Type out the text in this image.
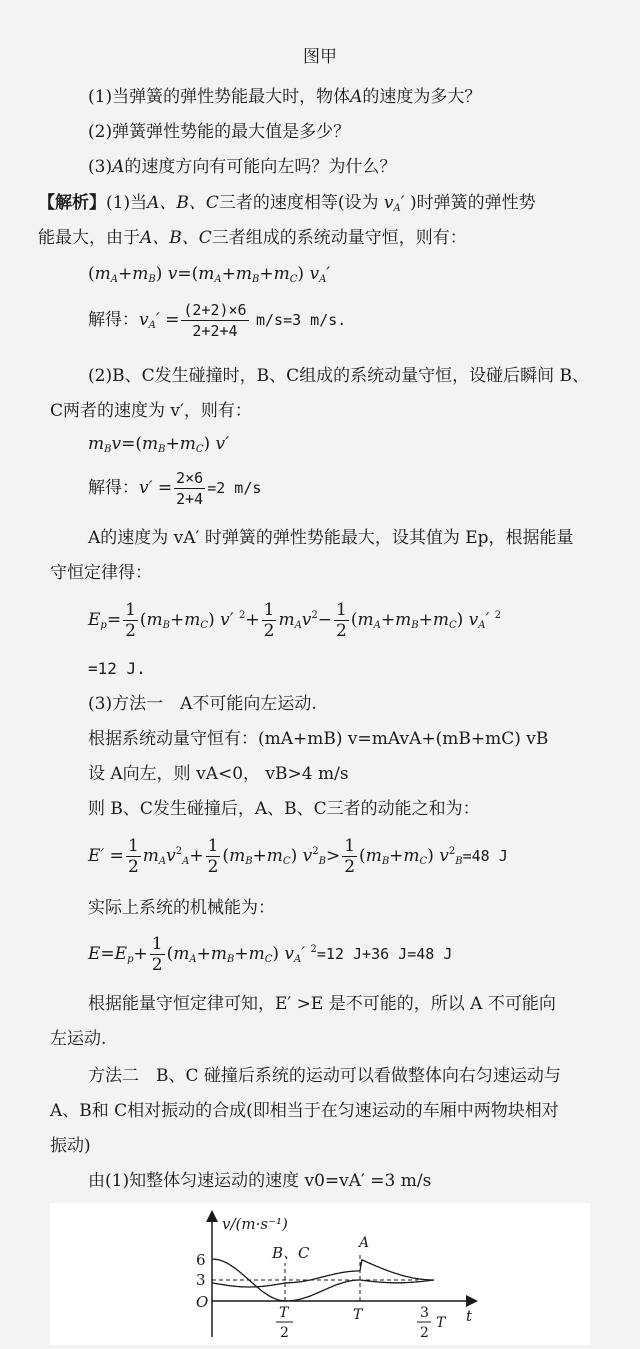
图甲
(1)当弹簧的弹性势能最大时，物体A的速度为多大？
(2)弹簧弹性势能的最大值是多少？
(3)A的速度方向有可能向左吗？为什么？
【解析】(1)当A、B、C三者的速度相等(设为 $v_A'$ )时弹簧的弹性势
能最大，由于A、B、C三者组成的系统动量守恒，则有：
$(m_A+m_B)$ $v=(m_A+m_B+m_C)$ $v_A'$
解得：$v_A' = \frac{(2+2)\times 6}{2+2+4} m/s=3$ m/s.
(2)B、C发生碰撞时，B、C组成的系统动量守恒，设碰后瞬间 B、
C两者的速度为 v′，则有：
$m_Bv=(m_B+m_C)$ v′
解得：$v' = \frac{2\times 6}{2+4} =2$ m/s
A的速度为 vA′ 时弹簧的弹性势能最大，设其值为 Ep，根据能量
守恒定律得：
$E_p= \frac{1}{2} (m_B+m_C)$ v′ $^2+ \frac{1}{2} m_Av^2- \frac{1}{2} (m_A+m_B+m_C)$ $v_A'$ $^2$
=12 J.
(3)方法一　A不可能向左运动.
根据系统动量守恒有：(mA+mB) v=mAvA+(mB+mC) vB
设 A向左，则 vA<0， vB>4 m/s
则 B、C发生碰撞后，A、B、C三者的动能之和为：
$E' = \frac{1}{2} m_Av^2_A+ \frac{1}{2} (m_B+m_C)$ $v^2_B> \frac{1}{2} (m_B+m_C)$ $v^2_B=48$ J
实际上系统的机械能为：
$E=E_p+ \frac{1}{2} (m_A+m_B+m_C)$ $v_A'$ $^2$=12 J+36 J=48 J
根据能量守恒定律可知，E′ >E 是不可能的，所以 A 不可能向
左运动.
方法二　B、C 碰撞后系统的运动可以看做整体向右匀速运动与
A、B和 C相对振动的合成(即相当于在匀速运动的车厢中两物块相对
振动)
由(1)知整体匀速运动的速度 v0=vA′ =3 m/s
v/(m·s⁻¹)
6
3
O
t
B、C
A
T
2
T	3
2
T
